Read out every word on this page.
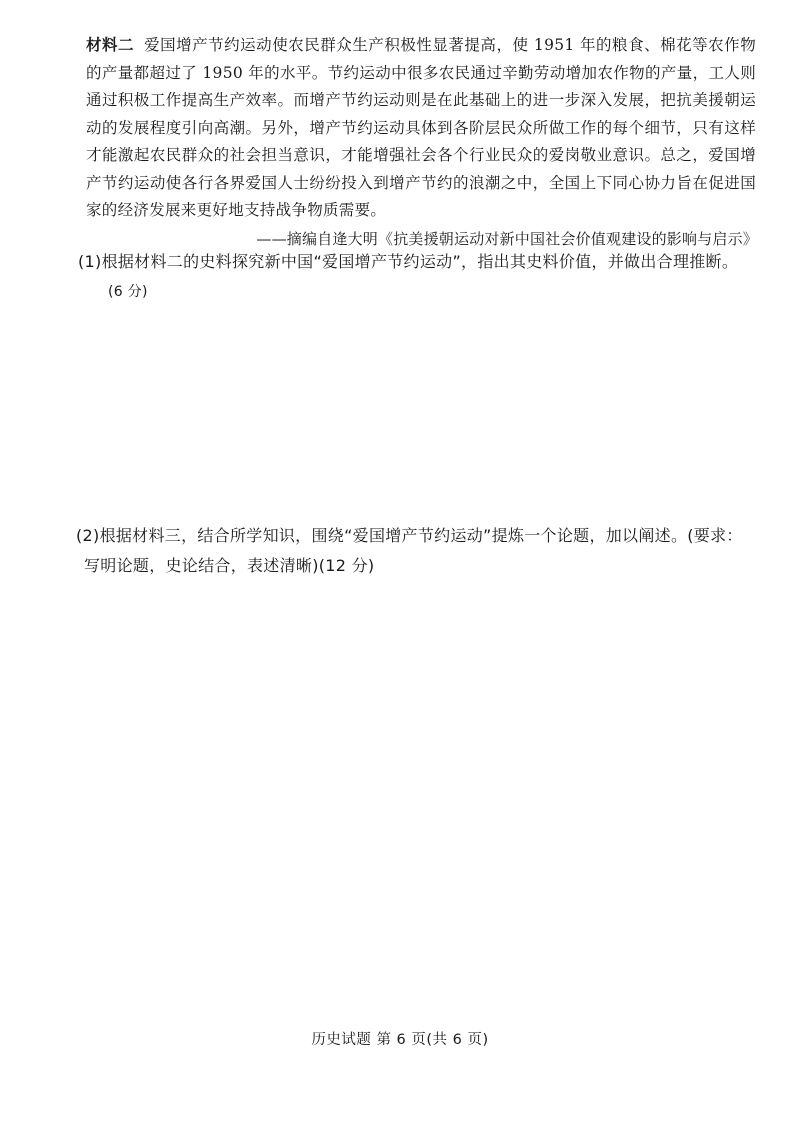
材料二 爱国增产节约运动使农民群众生产积极性显著提高，使 1951 年的粮食、棉花等农作物的产量都超过了 1950 年的水平。节约运动中很多农民通过辛勤劳动增加农作物的产量，工人则通过积极工作提高生产效率。而增产节约运动则是在此基础上的进一步深入发展，把抗美援朝运动的发展程度引向高潮。另外，增产节约运动具体到各阶层民众所做工作的每个细节，只有这样才能激起农民群众的社会担当意识，才能增强社会各个行业民众的爱岗敬业意识。总之，爱国增产节约运动使各行各界爱国人士纷纷投入到增产节约的浪潮之中，全国上下同心协力旨在促进国家的经济发展来更好地支持战争物质需要。
——摘编自逄大明《抗美援朝运动对新中国社会价值观建设的影响与启示》
(1)根据材料二的史料探究新中国“爱国增产节约运动”，指出其史料价值，并做出合理推断。
(6 分)
(2)根据材料三，结合所学知识，围绕“爱国增产节约运动”提炼一个论题，加以阐述。(要求：
写明论题，史论结合，表述清晰)(12 分)
历史试题 第 6 页(共 6 页)
